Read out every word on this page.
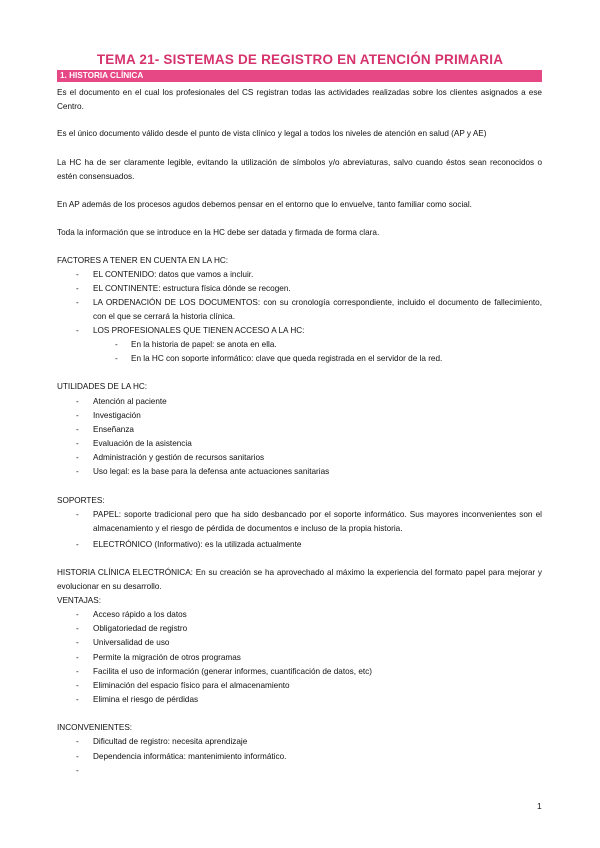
TEMA 21- SISTEMAS DE REGISTRO EN ATENCIÓN PRIMARIA
1. HISTORIA CLÍNICA
Es el documento en el cual los profesionales del CS registran todas las actividades realizadas sobre los clientes asignados a ese Centro.
Es el único documento válido desde el punto de vista clínico y legal a todos los niveles de atención en salud (AP y AE)
La HC ha de ser claramente legible, evitando la utilización de símbolos y/o abreviaturas, salvo cuando éstos sean reconocidos o estén consensuados.
En AP además de los procesos agudos debemos pensar en el entorno que lo envuelve, tanto familiar como social.
Toda la información que se introduce en la HC debe ser datada y firmada de forma clara.
FACTORES A TENER EN CUENTA EN LA HC:
- EL CONTENIDO: datos que vamos a incluir.
- EL CONTINENTE: estructura física dónde se recogen.
- LA ORDENACIÓN DE LOS DOCUMENTOS: con su cronología correspondiente, incluido el documento de fallecimiento, con el que se cerrará la historia clínica.
- LOS PROFESIONALES QUE TIENEN ACCESO A LA HC:
- En la historia de papel: se anota en ella.
- En la HC con soporte informático: clave que queda registrada en el servidor de la red.
UTILIDADES DE LA HC:
- Atención al paciente
- Investigación
- Enseñanza
- Evaluación de la asistencia
- Administración y gestión de recursos sanitarios
- Uso legal: es la base para la defensa ante actuaciones sanitarias
SOPORTES:
- PAPEL: soporte tradicional pero que ha sido desbancado por el soporte informático. Sus mayores inconvenientes son el almacenamiento y el riesgo de pérdida de documentos e incluso de la propia historia.
- ELECTRÓNICO (Informativo): es la utilizada actualmente
HISTORIA CLÍNICA ELECTRÓNICA: En su creación se ha aprovechado al máximo la experiencia del formato papel para mejorar y evolucionar en su desarrollo.
VENTAJAS:
- Acceso rápido a los datos
- Obligatoriedad de registro
- Universalidad de uso
- Permite la migración de otros programas
- Facilita el uso de información (generar informes, cuantificación de datos, etc)
- Eliminación del espacio físico para el almacenamiento
- Elimina el riesgo de pérdidas
INCONVENIENTES:
- Dificultad de registro: necesita aprendizaje
- Dependencia informática: mantenimiento informático.
-
1
